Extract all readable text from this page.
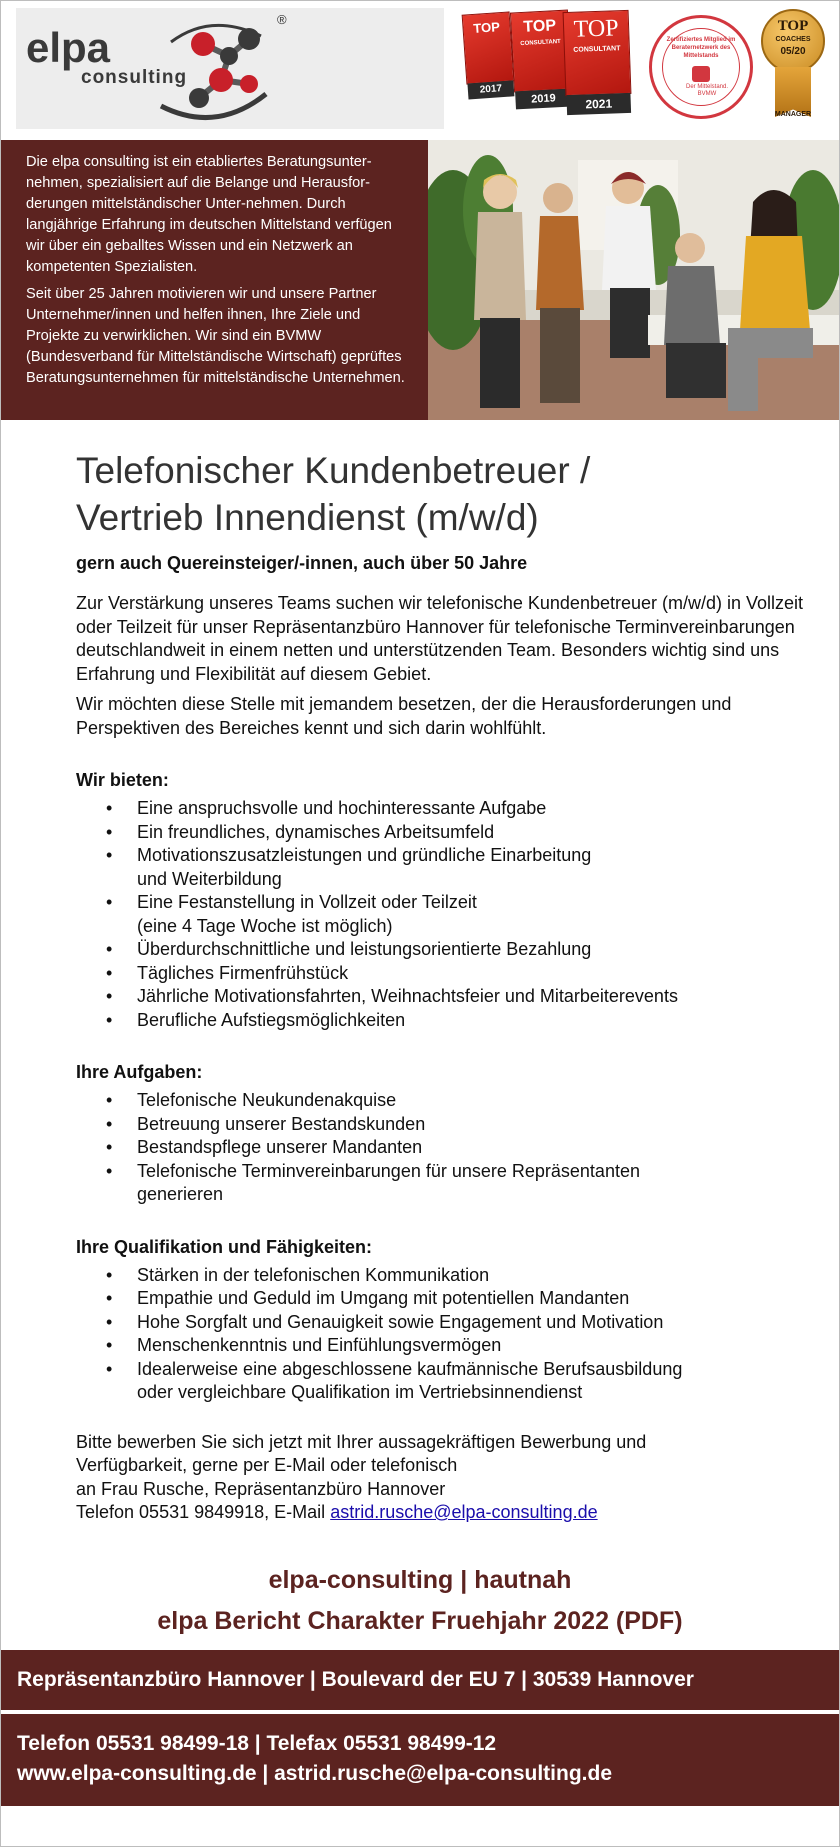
elpa
consulting
®	TOP
2017
TOP
CONSULTANT
2019
TOP
CONSULTANT
2021
Zertifiziertes Mitglied im Beraternetzwerk des Mittelstands
Der Mittelstand. BVMW
TOP
COACHES
05/20
MANAGER

Die elpa consulting ist ein etabliertes Beratungsunter-nehmen, spezialisiert auf die Belange und Herausfor-derungen mittelständischer Unter-nehmen. Durch langjährige Erfahrung im deutschen Mittelstand verfügen wir über ein geballtes Wissen und ein Netzwerk an kompetenten Spezialisten.

Seit über 25 Jahren motivieren wir und unsere Partner Unternehmer/innen und helfen ihnen, Ihre Ziele und Projekte zu verwirklichen. Wir sind ein BVMW (Bundesverband für Mittelständische Wirtschaft) geprüftes Beratungsunternehmen für mittelständische Unternehmen.

Telefonischer Kundenbetreuer /
Vertrieb Innendienst (m/w/d)
gern auch Quereinsteiger/-innen, auch über 50 Jahre

Zur Verstärkung unseres Teams suchen wir telefonische Kundenbetreuer (m/w/d) in Vollzeit oder Teilzeit für unser Repräsentanzbüro Hannover für telefonische Terminvereinbarungen deutschlandweit in einem netten und unterstützenden Team. Besonders wichtig sind uns Erfahrung und Flexibilität auf diesem Gebiet.

Wir möchten diese Stelle mit jemandem besetzen, der die Herausforderungen und Perspektiven des Bereiches kennt und sich darin wohlfühlt.

Wir bieten:
• Eine anspruchsvolle und hochinteressante Aufgabe
• Ein freundliches, dynamisches Arbeitsumfeld
• Motivationszusatzleistungen und gründliche Einarbeitung
und Weiterbildung
• Eine Festanstellung in Vollzeit oder Teilzeit
(eine 4 Tage Woche ist möglich)
• Überdurchschnittliche und leistungsorientierte Bezahlung
• Tägliches Firmenfrühstück
• Jährliche Motivationsfahrten, Weihnachtsfeier und Mitarbeiterevents
• Berufliche Aufstiegsmöglichkeiten
Ihre Aufgaben:
• Telefonische Neukundenakquise
• Betreuung unserer Bestandskunden
• Bestandspflege unserer Mandanten
• Telefonische Terminvereinbarungen für unsere Repräsentanten
generieren
Ihre Qualifikation und Fähigkeiten:
• Stärken in der telefonischen Kommunikation
• Empathie und Geduld im Umgang mit potentiellen Mandanten
• Hohe Sorgfalt und Genauigkeit sowie Engagement und Motivation
• Menschenkenntnis und Einfühlungsvermögen
• Idealerweise eine abgeschlossene kaufmännische Berufsausbildung
oder vergleichbare Qualifikation im Vertriebsinnendienst
Bitte bewerben Sie sich jetzt mit Ihrer aussagekräftigen Bewerbung und
Verfügbarkeit, gerne per E-Mail oder telefonisch
an Frau Rusche, Repräsentanzbüro Hannover
Telefon 05531 9849918, E-Mail astrid.rusche@elpa-consulting.de
elpa-consulting | hautnah
elpa Bericht Charakter Fruehjahr 2022 (PDF)
Repräsentanzbüro Hannover | Boulevard der EU 7 | 30539 Hannover
Telefon 05531 98499-18 | Telefax 05531 98499-12
www.elpa-consulting.de | astrid.rusche@elpa-consulting.de
